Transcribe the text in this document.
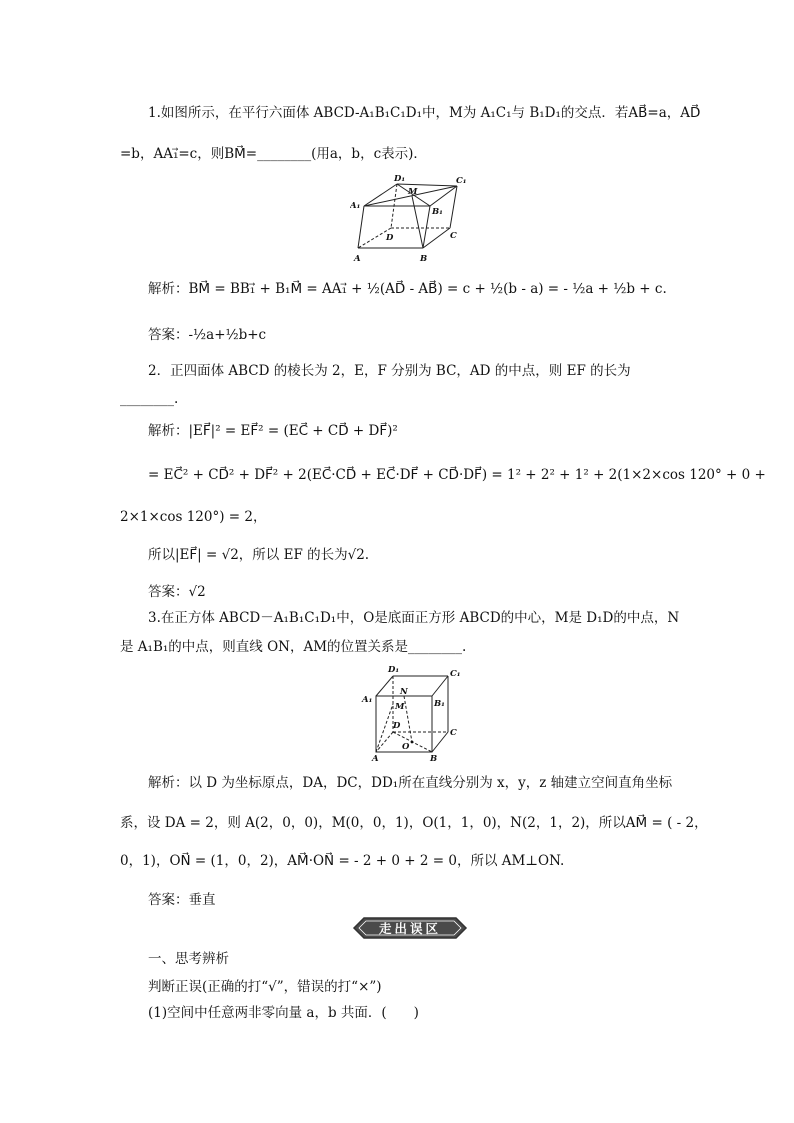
1.如图所示，在平行六面体 ABCD-A₁B₁C₁D₁中，M为 A₁C₁与 B₁D₁的交点．若AB⃗=a，AD⃗
=b，AA₁⃗=c，则BM⃗=________(用a，b，c表示)．
D₁
M
C₁
A₁
B₁
D	C
A	B
解析：BM⃗ = BB₁⃗ + B₁M⃗ = AA₁⃗ + ½(AD⃗ - AB⃗) = c + ½(b - a) = - ½a + ½b + c.
答案：-½a+½b+c
2．正四面体 ABCD 的棱长为 2，E，F 分别为 BC，AD 的中点，则 EF 的长为
________.
解析：|EF⃗|² = EF⃗² = (EC⃗ + CD⃗ + DF⃗)²
= EC⃗² + CD⃗² + DF⃗² + 2(EC⃗·CD⃗ + EC⃗·DF⃗ + CD⃗·DF⃗) = 1² + 2² + 1² + 2(1×2×cos 120° + 0 +
2×1×cos 120°) = 2，
所以|EF⃗| = √2，所以 EF 的长为√2.
答案：√2
3.在正方体 ABCD－A₁B₁C₁D₁中，O是底面正方形 ABCD的中心，M是 D₁D的中点，N
是 A₁B₁的中点，则直线 ON，AM的位置关系是________.
D₁	C₁
A₁
N
B₁
M
D
C
O
A	B
解析：以 D 为坐标原点，DA，DC，DD₁所在直线分别为 x，y，z 轴建立空间直角坐标
系，设 DA = 2，则 A(2，0，0)，M(0，0，1)，O(1，1，0)，N(2，1，2)，所以AM⃗ = ( - 2，
0，1)，ON⃗ = (1，0，2)，AM⃗·ON⃗ = - 2 + 0 + 2 = 0，所以 AM⊥ON.
答案：垂直
走出误区
一、思考辨析
判断正误(正确的打“√”，错误的打“×”)
(1)空间中任意两非零向量 a，b 共面．(　　)
